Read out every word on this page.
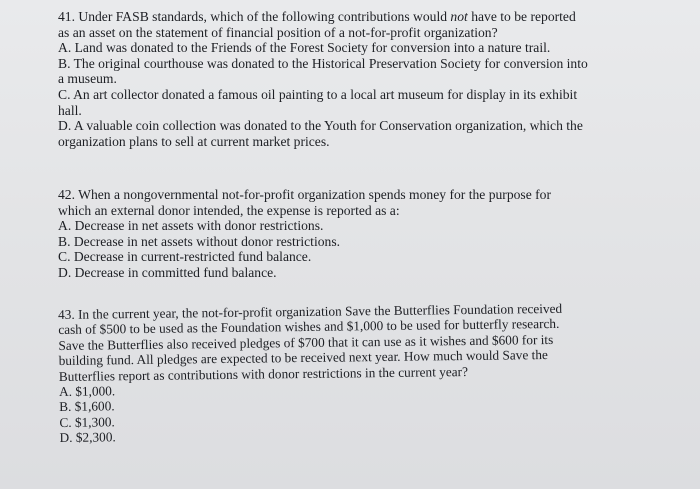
41. Under FASB standards, which of the following contributions would not have to be reported
as an asset on the statement of financial position of a not-for-profit organization?
A. Land was donated to the Friends of the Forest Society for conversion into a nature trail.
B. The original courthouse was donated to the Historical Preservation Society for conversion into
a museum.
C. An art collector donated a famous oil painting to a local art museum for display in its exhibit
hall.
D. A valuable coin collection was donated to the Youth for Conservation organization, which the
organization plans to sell at current market prices.
42. When a nongovernmental not-for-profit organization spends money for the purpose for
which an external donor intended, the expense is reported as a:
A. Decrease in net assets with donor restrictions.
B. Decrease in net assets without donor restrictions.
C. Decrease in current-restricted fund balance.
D. Decrease in committed fund balance.
43. In the current year, the not-for-profit organization Save the Butterflies Foundation received
cash of $500 to be used as the Foundation wishes and $1,000 to be used for butterfly research.
Save the Butterflies also received pledges of $700 that it can use as it wishes and $600 for its
building fund. All pledges are expected to be received next year. How much would Save the
Butterflies report as contributions with donor restrictions in the current year?
A. $1,000.
B. $1,600.
C. $1,300.
D. $2,300.
